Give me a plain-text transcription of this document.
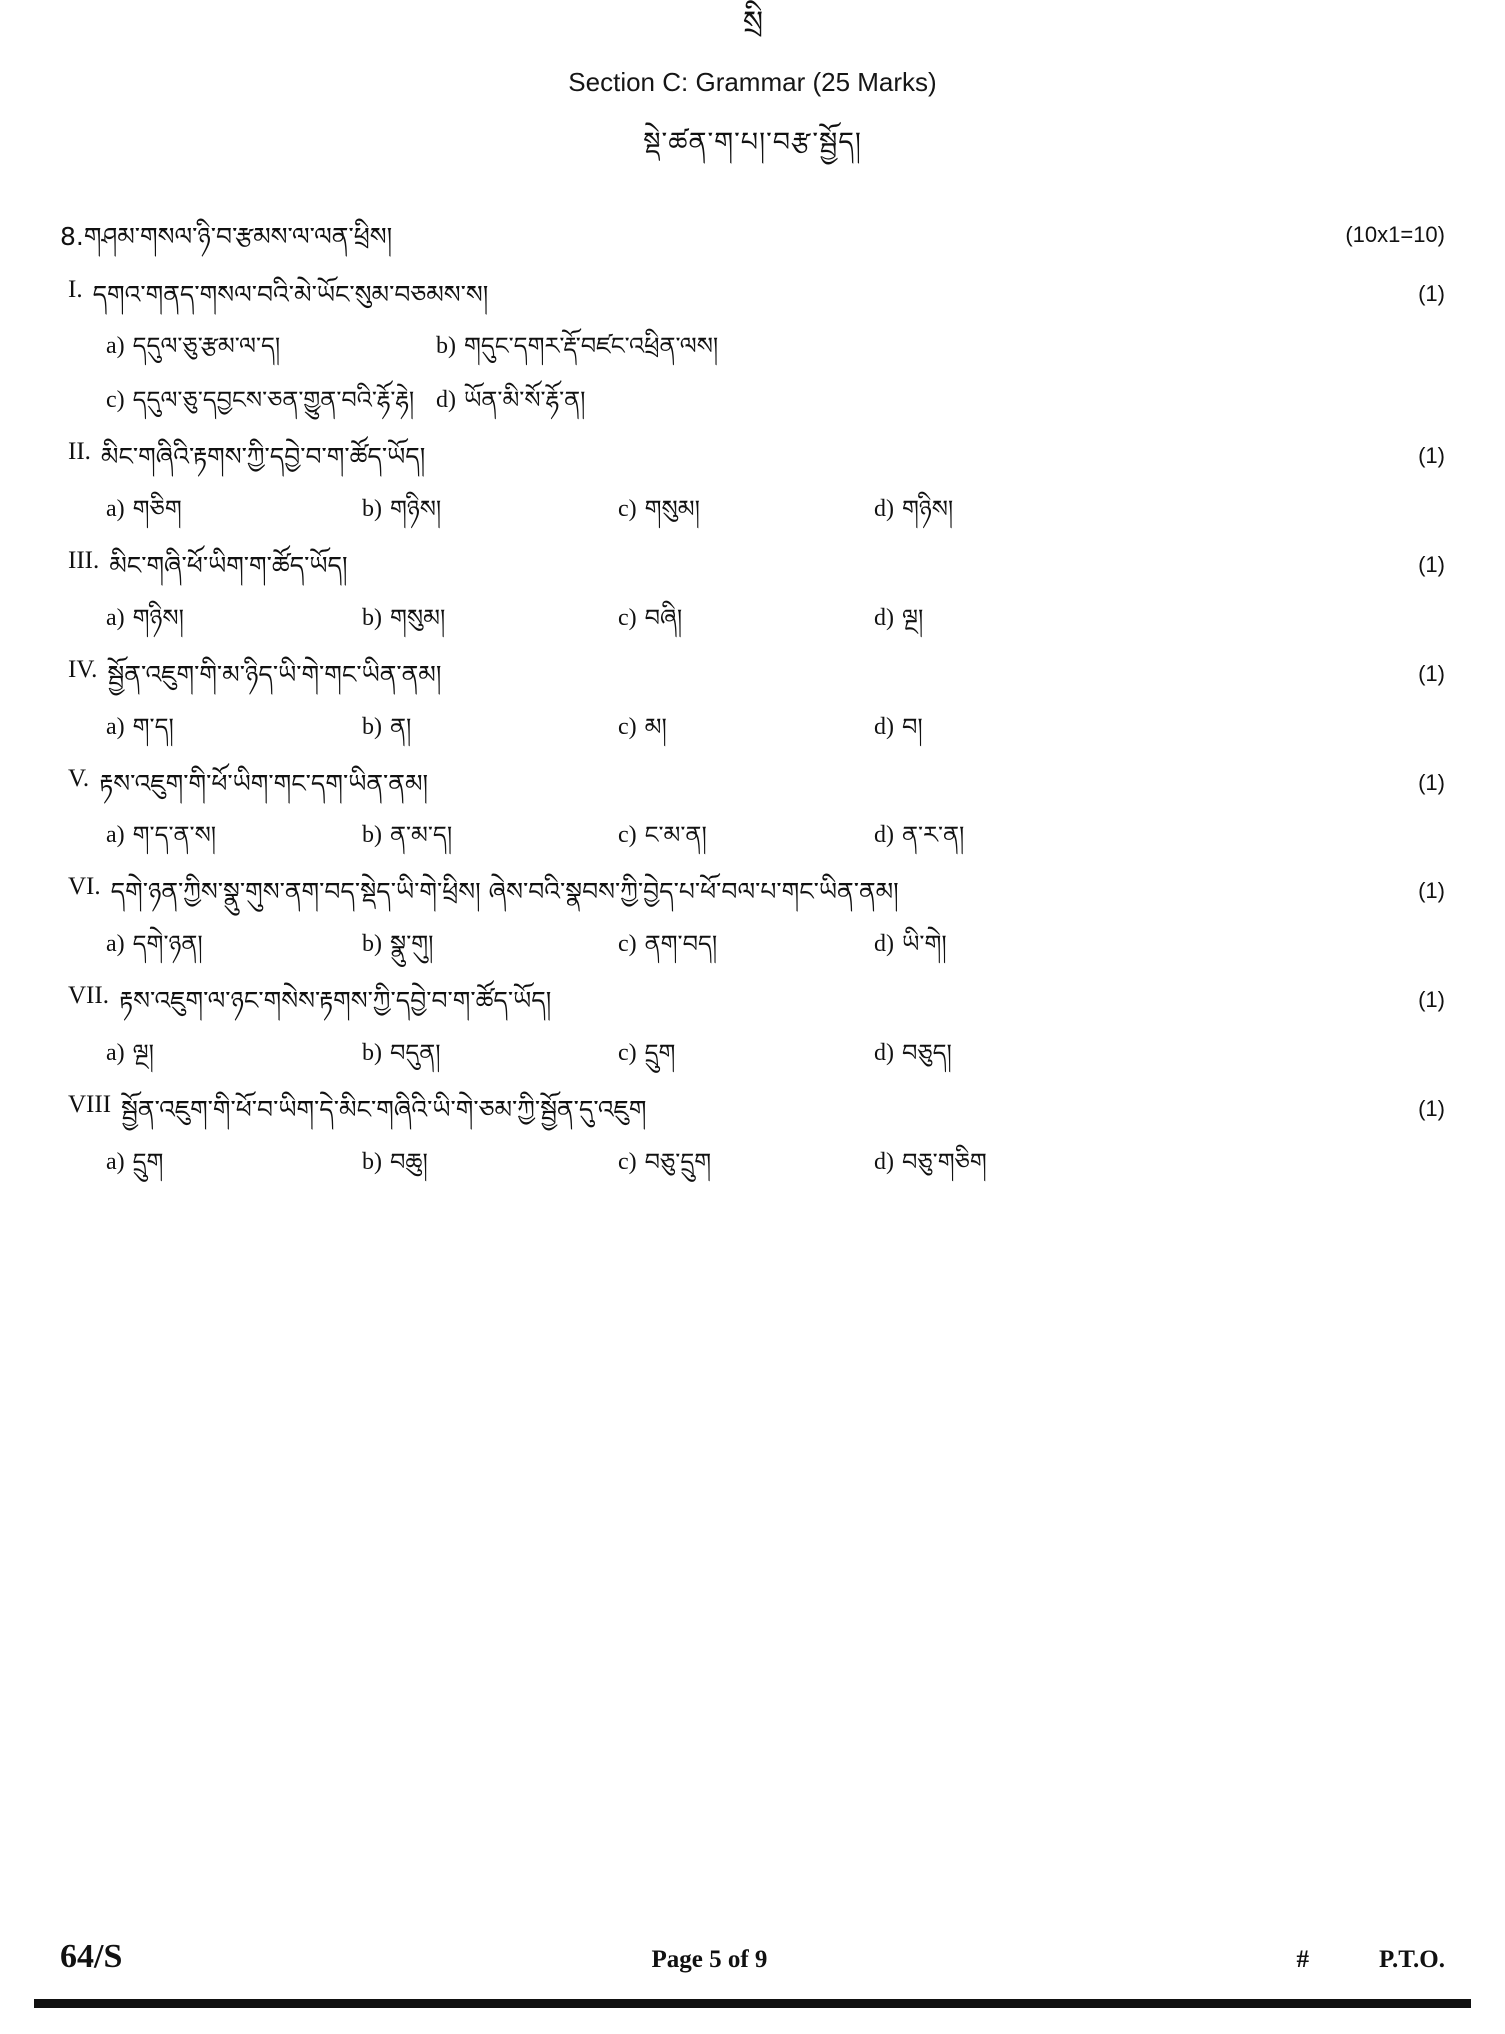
སྲི
Section C: Grammar (25 Marks)
སྡེ་ཚན་ག་པ།་བརྩ་སྦྱོད།
8.གཤམ་གསལ་ཉི་བ་རྩམས་ལ་ལན་ཕྲིས།	(10x1=10)
I. དགའ་གནད་གསལ་བའི་མེ་ཡོང་སུམ་བཅམས་ས།	(1)
a) དདུལ་ཅུ་རྩམ་ལ་ད།	b) གདུང་དགར་རྡོ་བཛང་འཕྲིན་ལས།
c) དདུལ་ཅུ་དབྱངས་ཅན་གྱུན་བའི་རྷོ་རྷེ། d) ཡོན་མི་སོ་རྷོ་ན།
II. མིང་གཞིའི་རྟགས་ཀྱི་དབྱེ་བ་ག་ཚོད་ཡོད།	(1)
a) གཅིག	b) གཉིས།	c) གསུམ།	d) གཉིས།
III. མིང་གཞི་ཕོ་ཡིག་ག་ཚོད་ཡོད།	(1)
a) གཉིས།	b) གསུམ།	c) བཞི།	d) ལྔ།
IV. སྦྱོན་འཇུག་གི་མ་ཉིད་ཡི་གེ་གང་ཡིན་ནམ།	(1)
a) ག་ད།	b) ན།	c) མ།	d) བ།
V. རྟས་འཇུག་གི་ཕོ་ཡིག་གང་དག་ཡིན་ནམ།	(1)
a) ག་ད་ན་ས།	b) ན་མ་ད།	c) ང་མ་ན།	d) ན་ར་ན།
VI. དགེ་ཉན་ཀྱིས་སྣུ་གུས་ནག་བད་སྡེད་ཡི་གེ་ཕྲིས། ཞེས་བའི་སྣབས་ཀྱི་བྱེད་པ་ཕོ་བལ་པ་གང་ཡིན་ནམ།	(1)
a) དགེ་ཉན།	b) སྣུ་གུ།	c) ནག་བད།	d) ཡི་གེ།
VII. རྟས་འཇུག་ལ་ཉང་གསེས་རྟགས་ཀྱི་དབྱེ་བ་ག་ཚོད་ཡོད།	(1)
a) ལྔ།	b) བདུན།	c) དྲུག	d) བཅུད།
VIII སྦྱོན་འཇུག་གི་ཕོ་བ་ཡིག་དེ་མིང་གཞིའི་ཡི་གེ་ཅམ་ཀྱི་སྦྱོན་དུ་འཇུག	(1)
a) དྲུག	b) བཆུ།	c) བཅུ་དྲུག	d) བཅུ་གཅིག
64/S	Page 5 of 9	#	P.T.O.
